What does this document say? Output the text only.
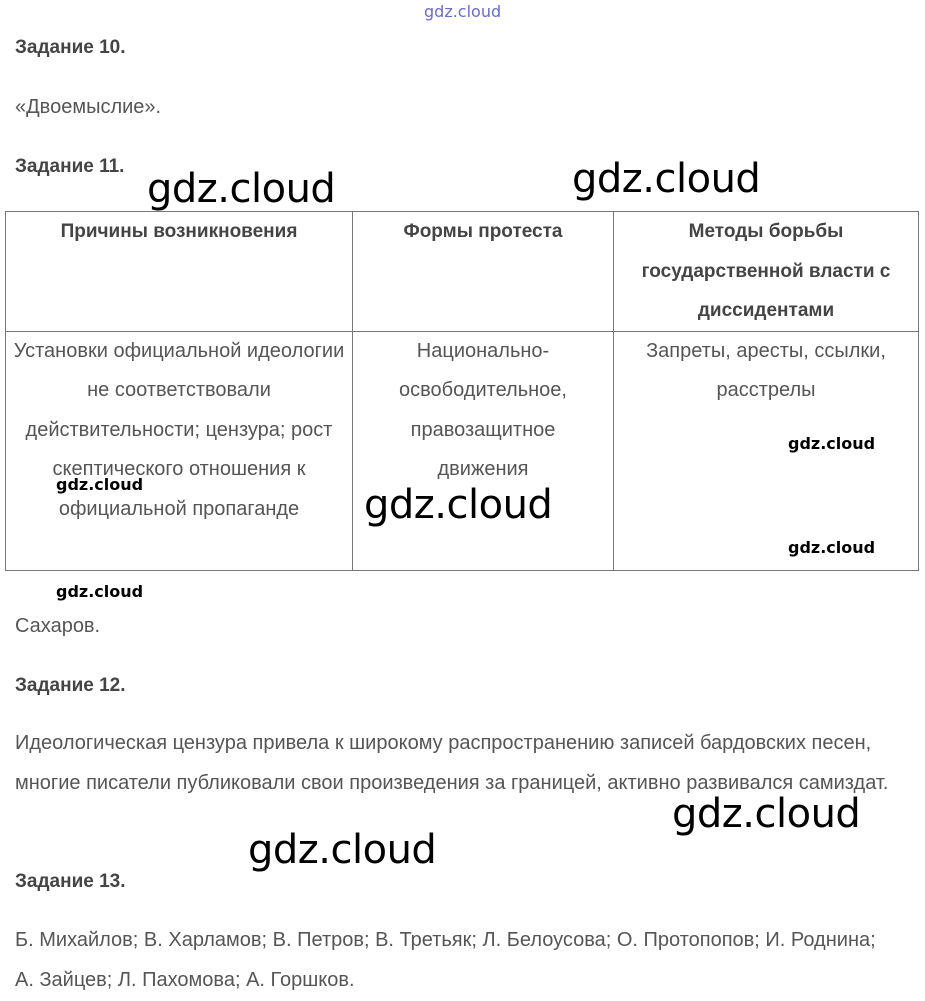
gdz.cloud
Задание 10.
«Двоемыслие».
Задание 11.
Причины возникновения	Формы протеста	Методы борьбы государственной власти с диссидентами
Установки официальной идеологии не соответствовали действительности; цензура; рост скептического отношения к официальной пропаганде	Национально-освободительное, правозащитное движения	Запреты, аресты, ссылки, расстрелы
Сахаров.
Задание 12.
Идеологическая цензура привела к широкому распространению записей бардовских песен, многие писатели публиковали свои произведения за границей, активно развивался самиздат.
Задание 13.
Б. Михайлов; В. Харламов; В. Петров; В. Третьяк; Л. Белоусова; О. Протопопов; И. Роднина; А. Зайцев; Л. Пахомова; А. Горшков.
gdz.cloud	gdz.cloud
gdz.cloud
gdz.cloud
gdz.cloud
gdz.cloud
gdz.cloud
gdz.cloud
gdz.cloud
